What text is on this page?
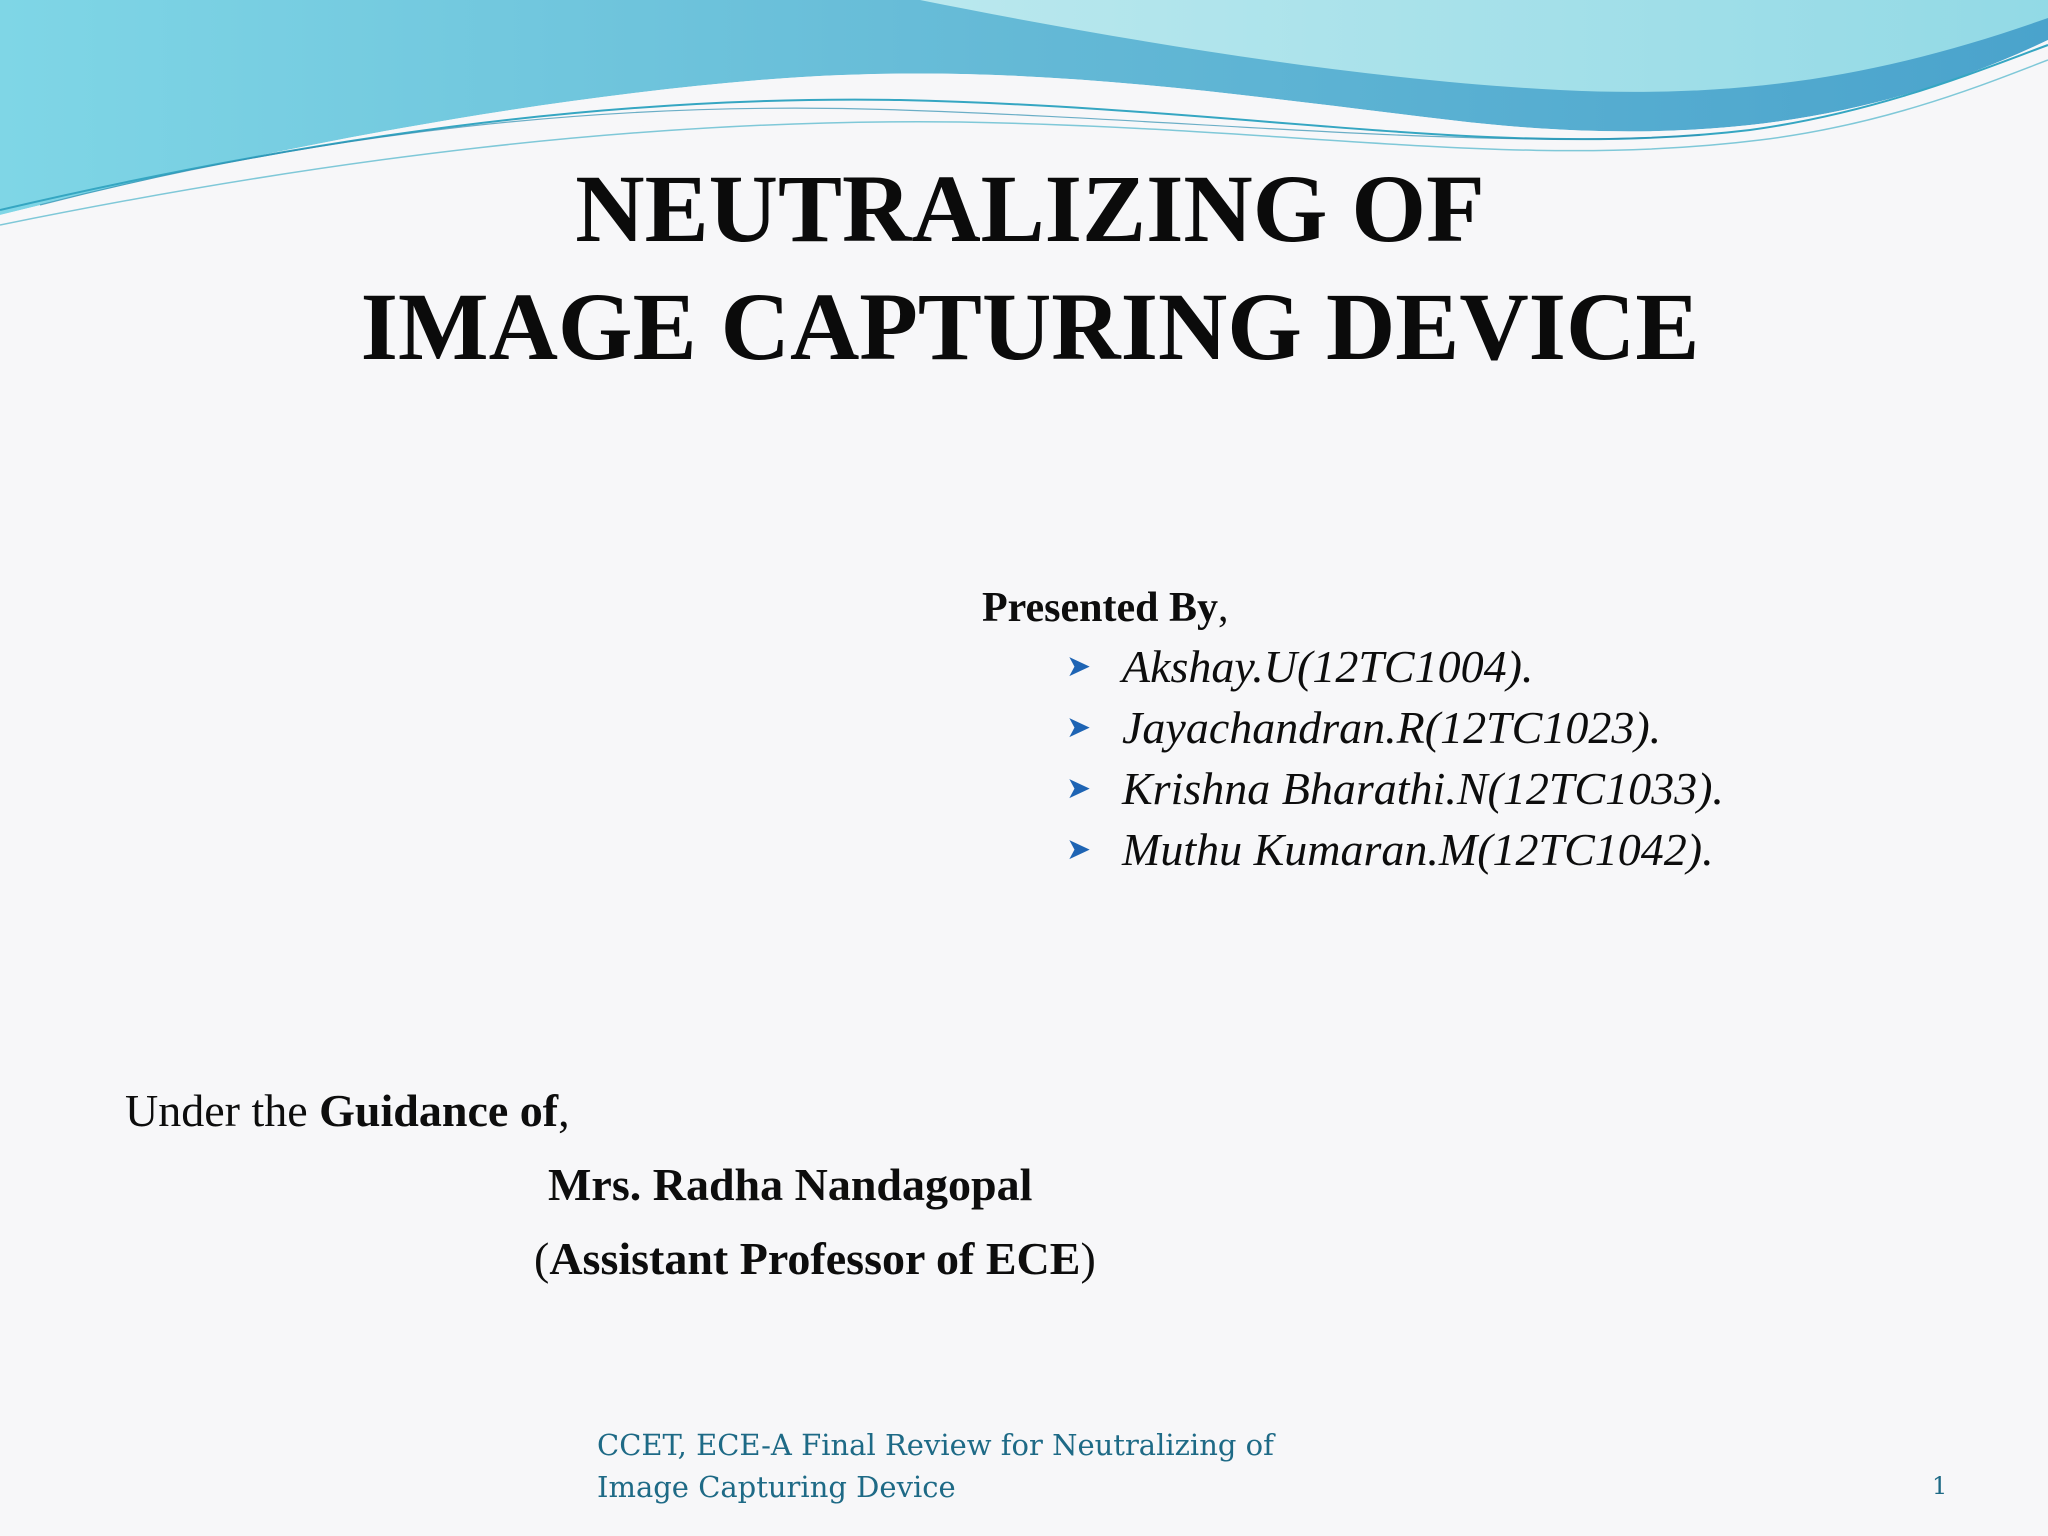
NEUTRALIZING OF
IMAGE CAPTURING DEVICE
Presented By,
➤ Akshay.U(12TC1004).
➤ Jayachandran.R(12TC1023).
➤ Krishna Bharathi.N(12TC1033).
➤ Muthu Kumaran.M(12TC1042).
Under the Guidance of,
Mrs. Radha Nandagopal
(Assistant Professor of ECE)
CCET, ECE-A Final Review for Neutralizing of
Image Capturing Device	1
